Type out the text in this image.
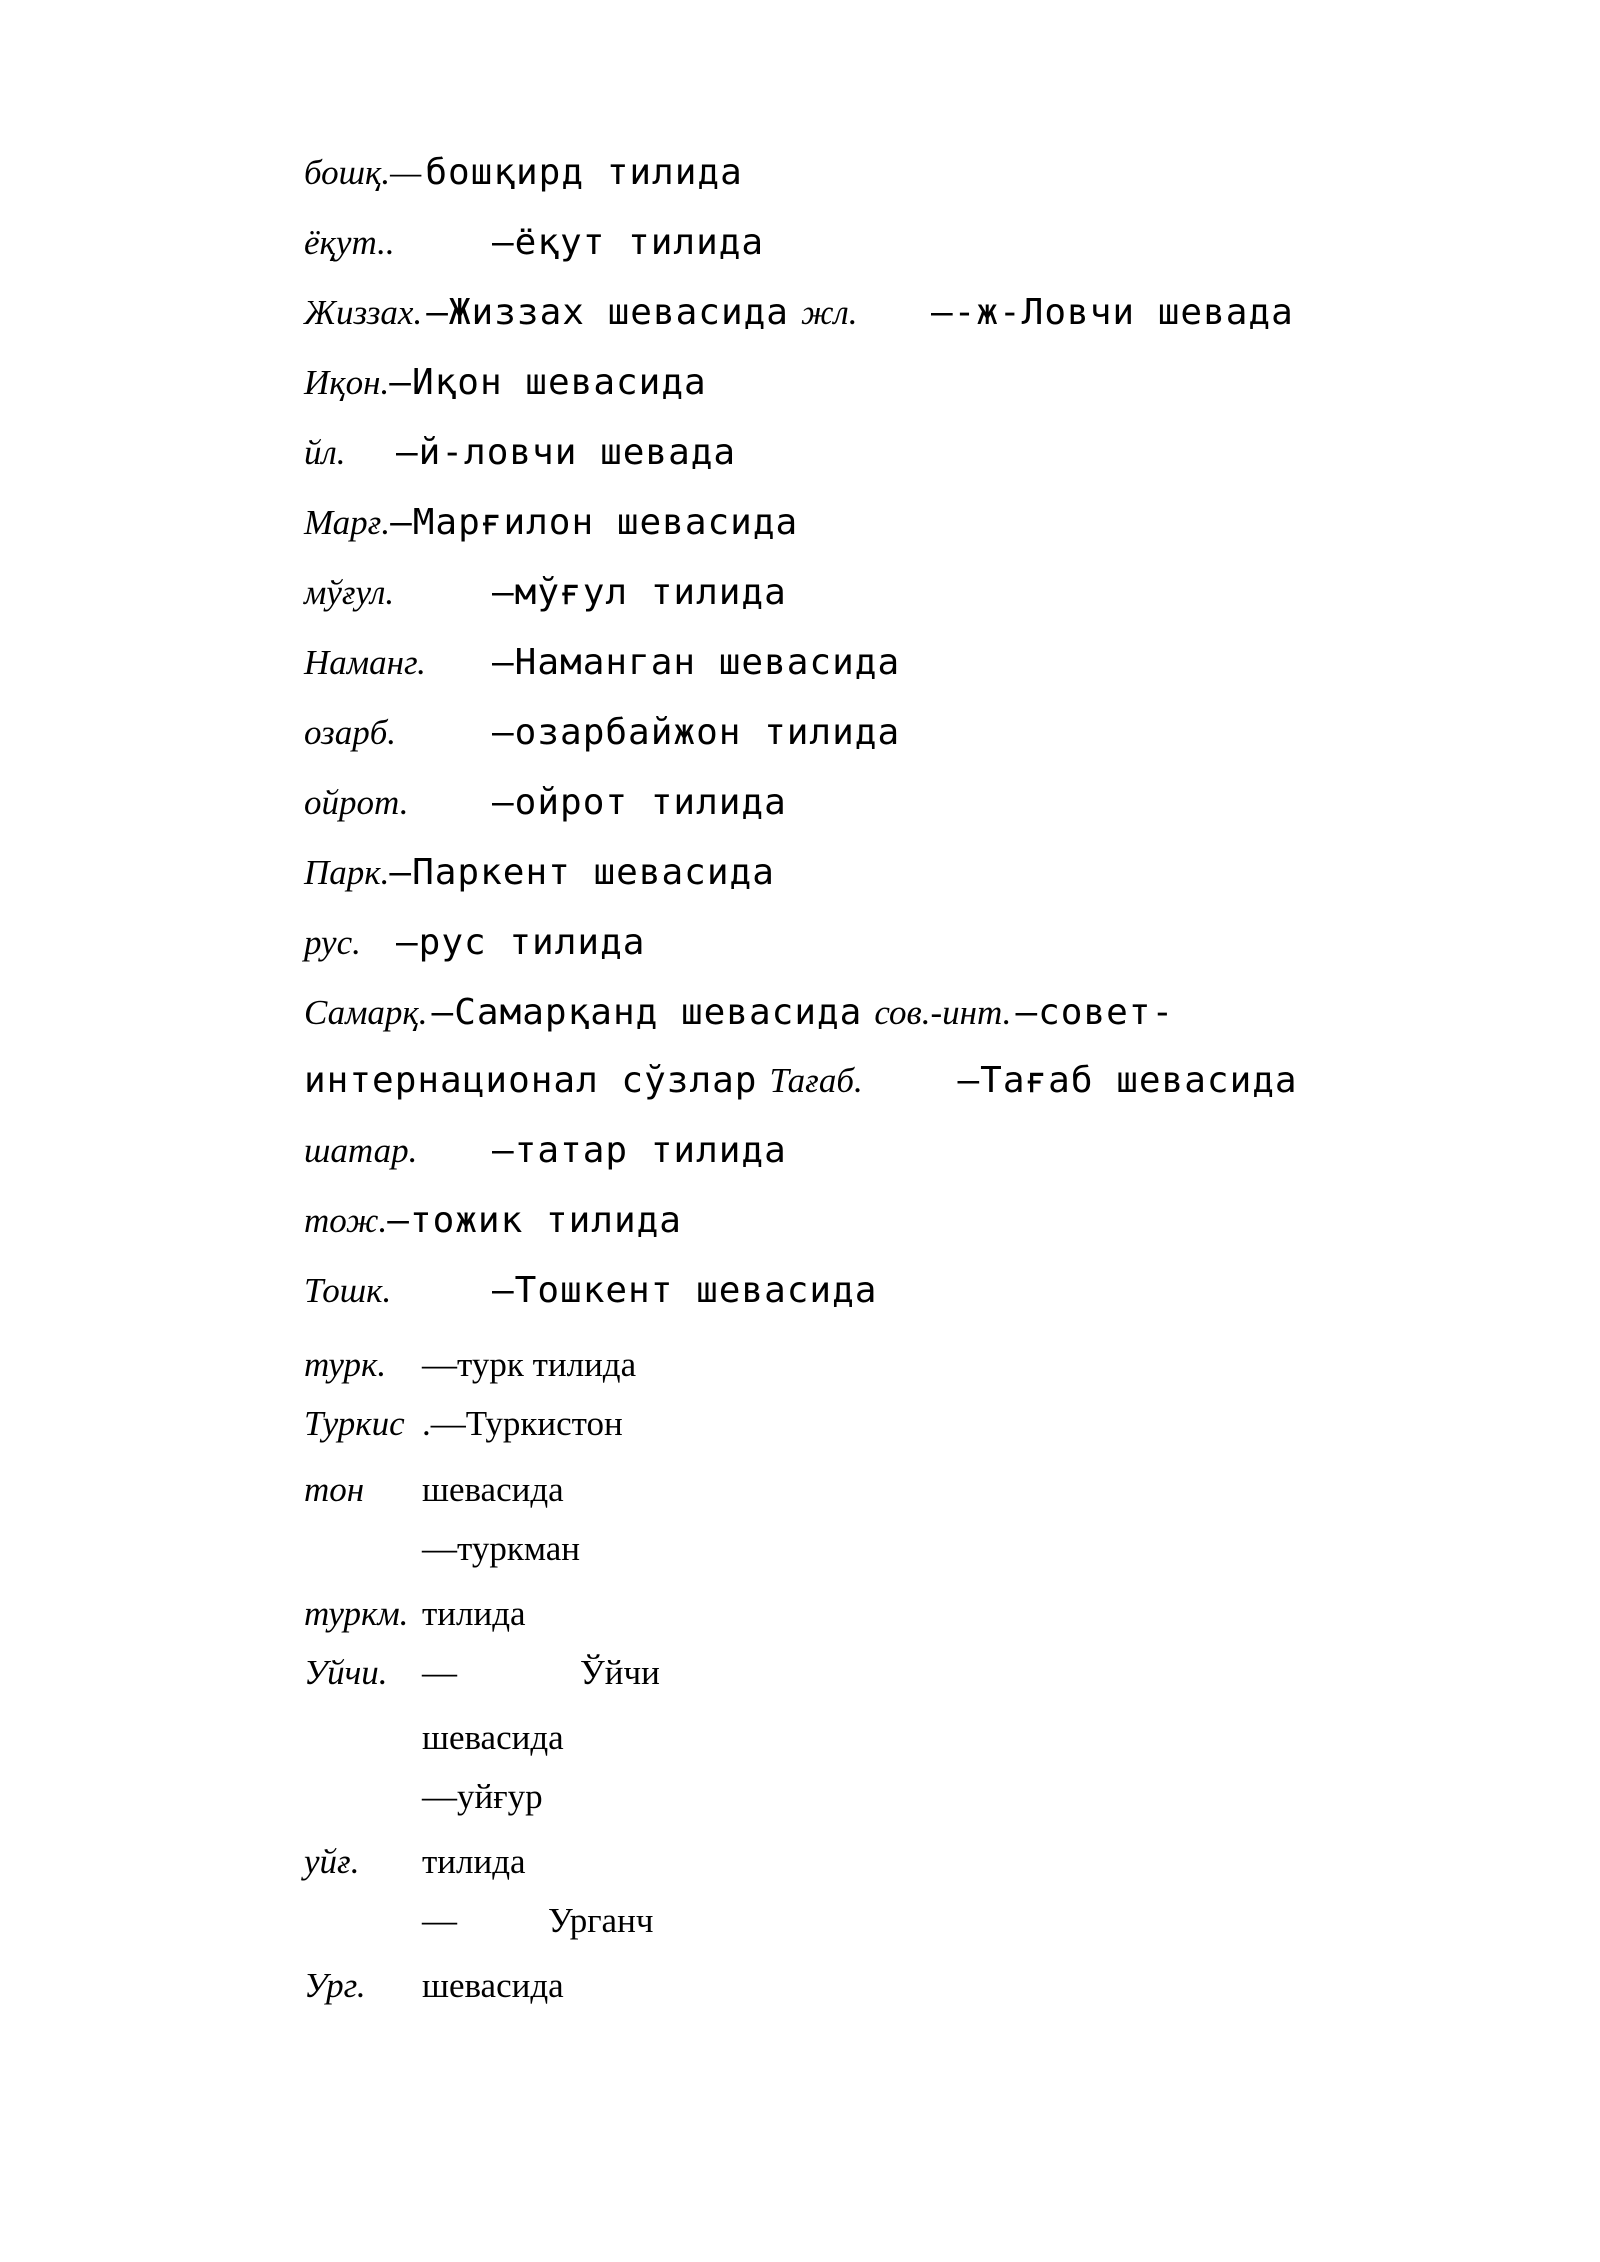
бошқ.— бошқирд тилида
ёқут..	—ёқут тилида
Жиззах. —Жиззах шевасида жл. —-ж-Ловчи шевада
Иқон.—Иқон шевасида
йл. —й-ловчи шевада
Марғ.—Марғилон шевасида
мўғул.	—мўғул тилида
Наманг. —Наманган шевасида
озарб.	—озарбайжон тилида
ойрот. —ойрот тилида
Парк.—Паркент шевасида
рус. —рус тилида
Самарқ. —Самарқанд шевасида сов.-инт. —совет-
интернационал сўзлар Тағаб.	—Тағаб шевасида
шатар. —татар тилида
тож.—тожик тилида
Тошк.	—Тошкент шевасида
турк. —турк тилида
Туркис .—Туркистон
тон шевасида
—туркман
туркм. тилида
Уйчи. —	Ўйчи
шевасида
—уйғур
уйғ. тилида
—	Урганч
Ург. шевасида
